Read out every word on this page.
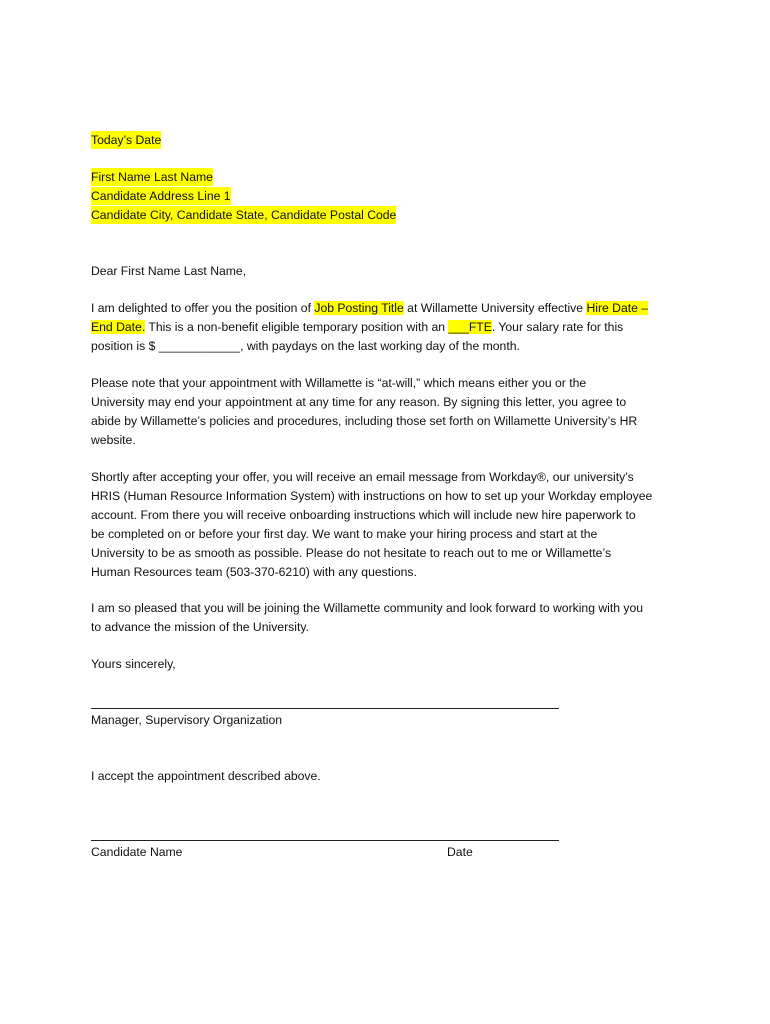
Today’s Date
First Name Last Name
Candidate Address Line 1
Candidate City, Candidate State, Candidate Postal Code
Dear First Name Last Name,
I am delighted to offer you the position of Job Posting Title at Willamette University effective Hire Date –
End Date. This is a non-benefit eligible temporary position with an ___FTE. Your salary rate for this
position is $ ____________, with paydays on the last working day of the month.
Please note that your appointment with Willamette is “at-will,” which means either you or the
University may end your appointment at any time for any reason. By signing this letter, you agree to
abide by Willamette’s policies and procedures, including those set forth on Willamette University’s HR
website.
Shortly after accepting your offer, you will receive an email message from Workday®, our university’s
HRIS (Human Resource Information System) with instructions on how to set up your Workday employee
account. From there you will receive onboarding instructions which will include new hire paperwork to
be completed on or before your first day. We want to make your hiring process and start at the
University to be as smooth as possible. Please do not hesitate to reach out to me or Willamette’s
Human Resources team (503-370-6210) with any questions.
I am so pleased that you will be joining the Willamette community and look forward to working with you
to advance the mission of the University.
Yours sincerely,
Manager, Supervisory Organization
I accept the appointment described above.
Candidate Name	Date
